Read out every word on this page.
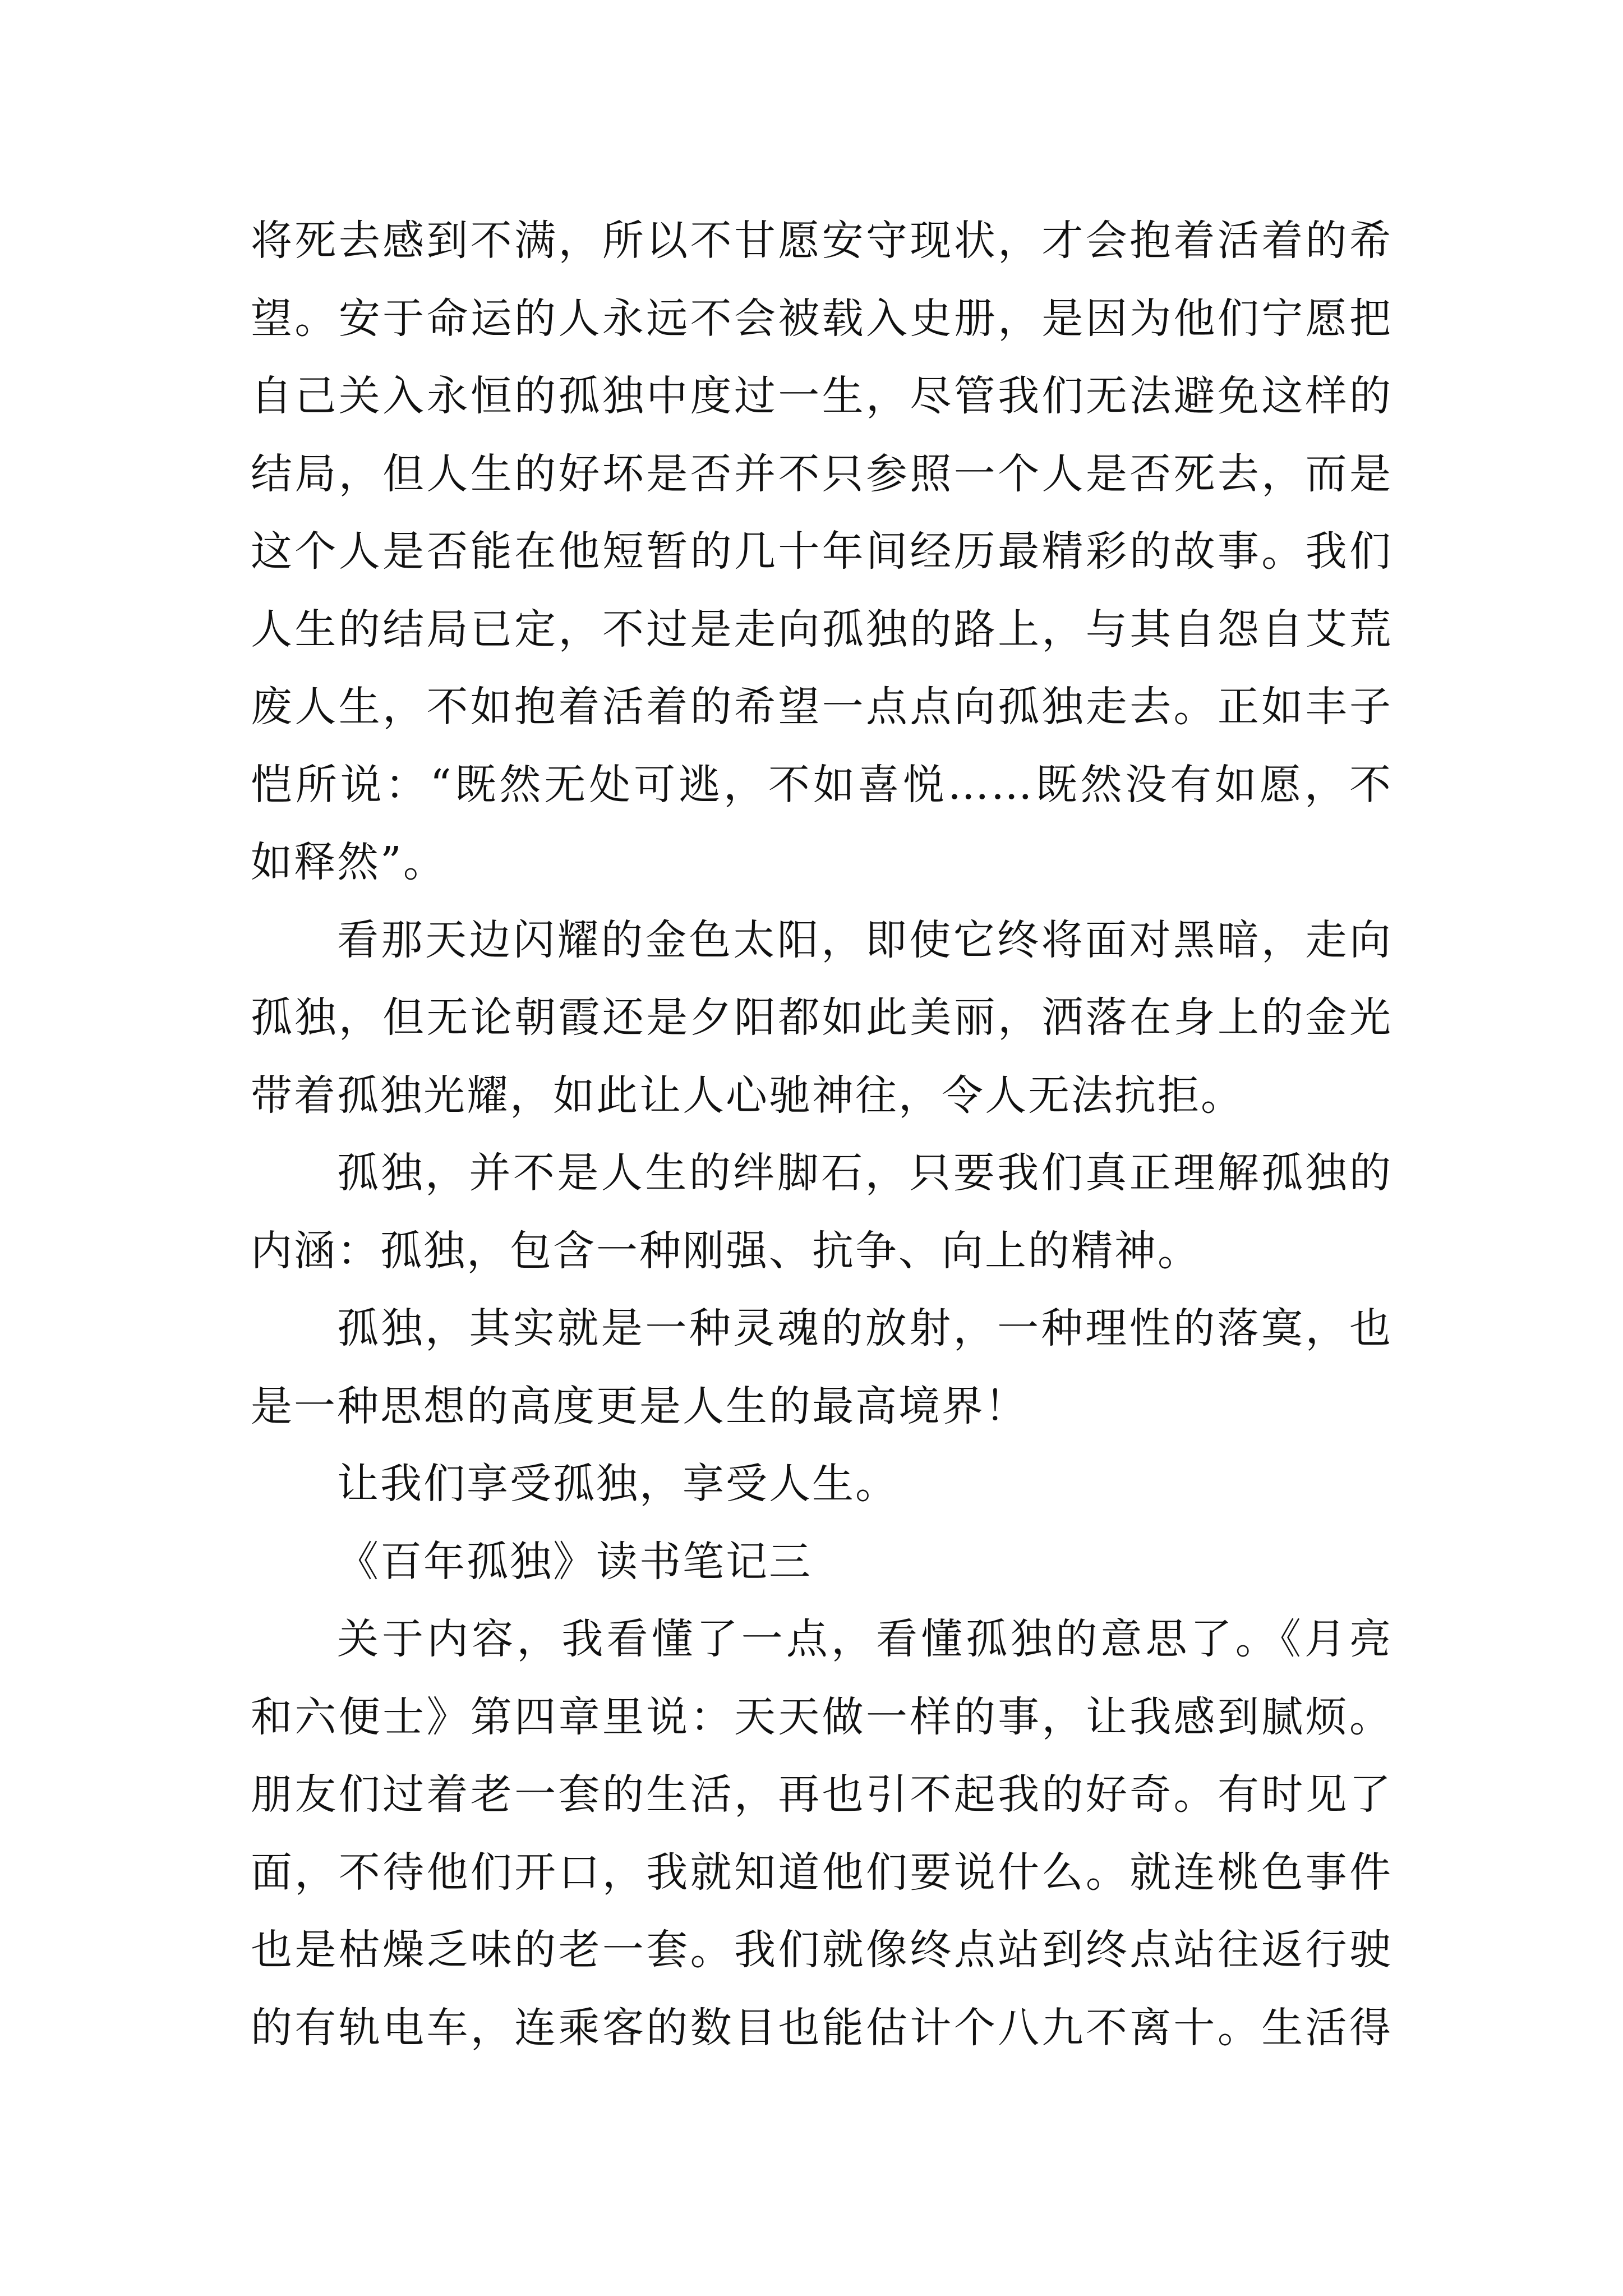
将死去感到不满，所以不甘愿安守现状，才会抱着活着的希
望。安于命运的人永远不会被载入史册，是因为他们宁愿把
自己关入永恒的孤独中度过一生，尽管我们无法避免这样的
结局，但人生的好坏是否并不只参照一个人是否死去，而是
这个人是否能在他短暂的几十年间经历最精彩的故事。我们
人生的结局已定，不过是走向孤独的路上，与其自怨自艾荒
废人生，不如抱着活着的希望一点点向孤独走去。正如丰子
恺所说：“既然无处可逃，不如喜悦……既然没有如愿，不
如释然”。
看那天边闪耀的金色太阳，即使它终将面对黑暗，走向
孤独，但无论朝霞还是夕阳都如此美丽，洒落在身上的金光
带着孤独光耀，如此让人心驰神往，令人无法抗拒。
孤独，并不是人生的绊脚石，只要我们真正理解孤独的
内涵：孤独，包含一种刚强、抗争、向上的精神。
孤独，其实就是一种灵魂的放射，一种理性的落寞，也
是一种思想的高度更是人生的最高境界！
让我们享受孤独，享受人生。
《百年孤独》读书笔记三
关于内容，我看懂了一点，看懂孤独的意思了。《月亮
和六便士》第四章里说：天天做一样的事，让我感到腻烦。
朋友们过着老一套的生活，再也引不起我的好奇。有时见了
面，不待他们开口，我就知道他们要说什么。就连桃色事件
也是枯燥乏味的老一套。我们就像终点站到终点站往返行驶
的有轨电车，连乘客的数目也能估计个八九不离十。生活得
